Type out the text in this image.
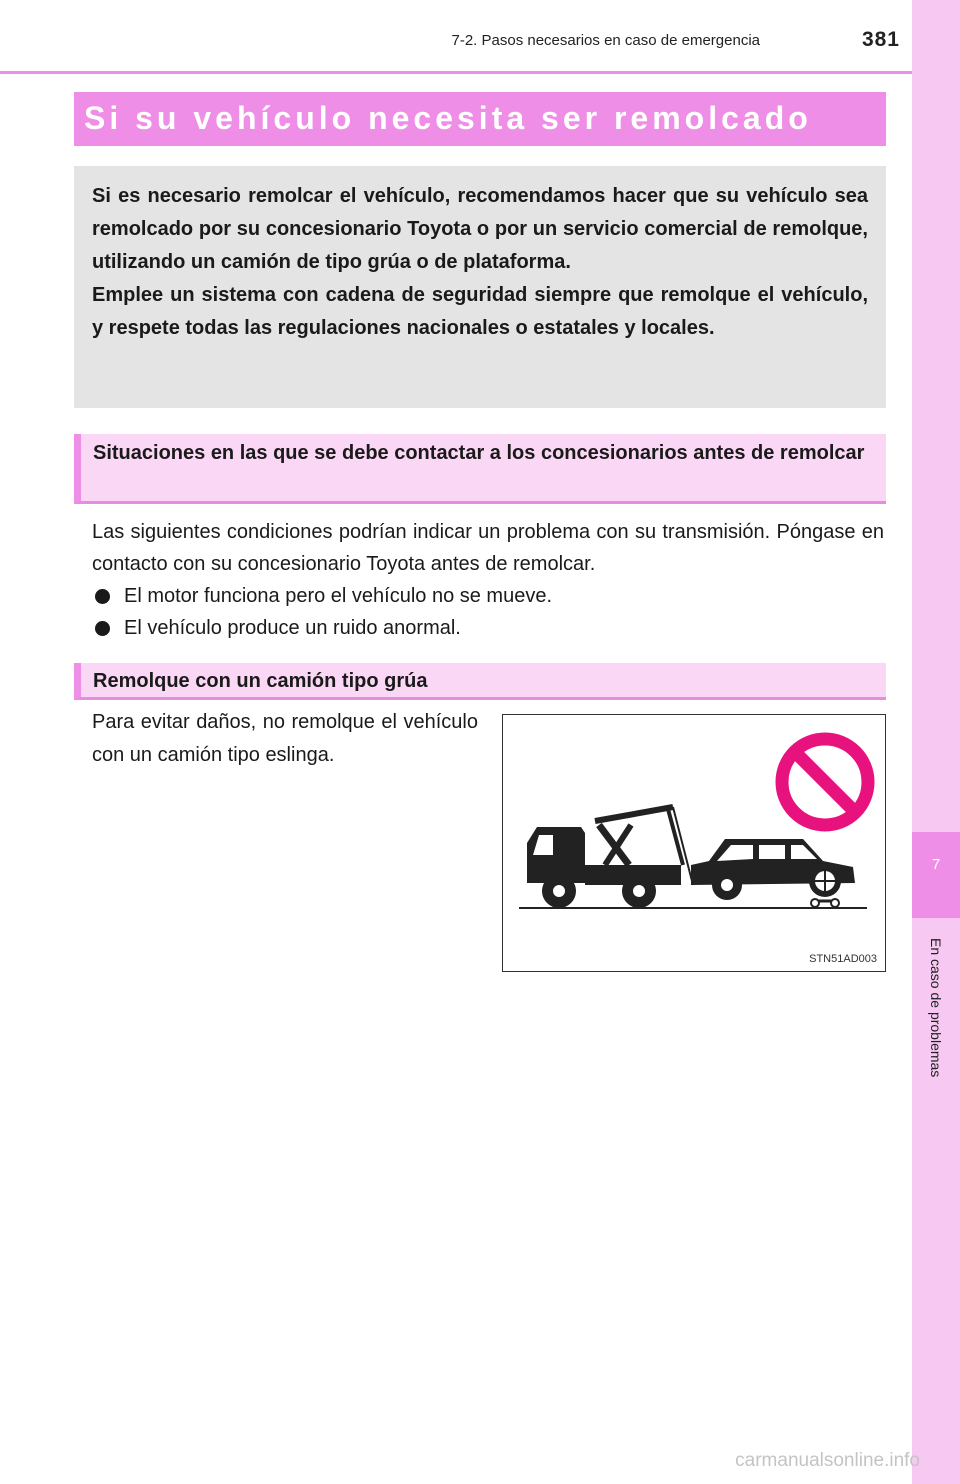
7
En caso de problemas
7-2. Pasos necesarios en caso de emergencia	381
Si su vehículo necesita ser remolcado

Si es necesario remolcar el vehículo, recomendamos hacer que su vehículo sea remolcado por su concesionario Toyota o por un servicio comercial de remolque, utilizando un camión de tipo grúa o de plataforma.

Emplee un sistema con cadena de seguridad siempre que remolque el vehículo, y respete todas las regulaciones nacionales o estatales y locales.

Situaciones en las que se debe contactar a los concesionarios antes de remolcar

Las siguientes condiciones podrían indicar un problema con su transmisión. Póngase en contacto con su concesionario Toyota antes de remolcar.

El motor funciona pero el vehículo no se mueve.
El vehículo produce un ruido anormal.
Remolque con un camión tipo grúa

Para evitar daños, no remolque el vehículo con un camión tipo eslinga.

STN51AD003
carmanualsonline.info
